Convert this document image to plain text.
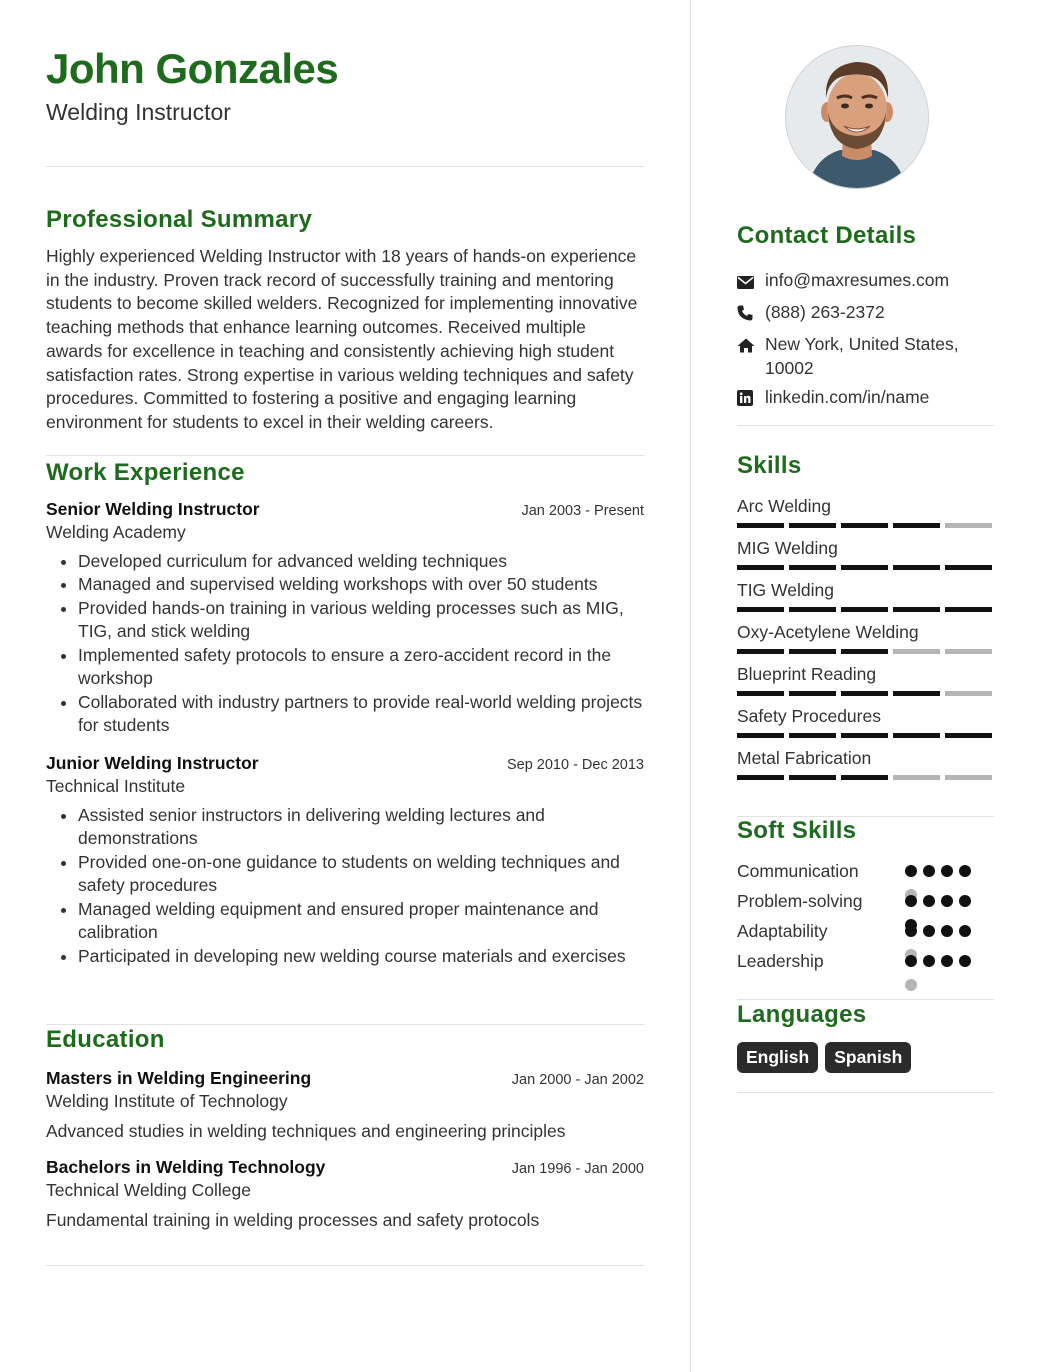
John Gonzales
Welding Instructor
Professional Summary
Highly experienced Welding Instructor with 18 years of hands-on experience in the industry. Proven track record of successfully training and mentoring students to become skilled welders. Recognized for implementing innovative teaching methods that enhance learning outcomes. Received multiple awards for excellence in teaching and consistently achieving high student satisfaction rates. Strong expertise in various welding techniques and safety procedures. Committed to fostering a positive and engaging learning environment for students to excel in their welding careers.
Work Experience
Senior Welding Instructor	Jan 2003 - Present
Welding Academy
• Developed curriculum for advanced welding techniques
• Managed and supervised welding workshops with over 50 students
• Provided hands-on training in various welding processes such as MIG, TIG, and stick welding
• Implemented safety protocols to ensure a zero-accident record in the workshop
• Collaborated with industry partners to provide real-world welding projects for students
Junior Welding Instructor	Sep 2010 - Dec 2013
Technical Institute
• Assisted senior instructors in delivering welding lectures and demonstrations
• Provided one-on-one guidance to students on welding techniques and safety procedures
• Managed welding equipment and ensured proper maintenance and calibration
• Participated in developing new welding course materials and exercises
Education
Masters in Welding Engineering	Jan 2000 - Jan 2002
Welding Institute of Technology
Advanced studies in welding techniques and engineering principles
Bachelors in Welding Technology	Jan 1996 - Jan 2000
Technical Welding College
Fundamental training in welding processes and safety protocols
Contact Details
info@maxresumes.com
(888) 263-2372
New York, United States,
10002
linkedin.com/in/name
Skills
Arc Welding
MIG Welding
TIG Welding
Oxy-Acetylene Welding
Blueprint Reading
Safety Procedures
Metal Fabrication
Soft Skills
Communication
Problem-solving
Adaptability
Leadership
Languages
English	Spanish
